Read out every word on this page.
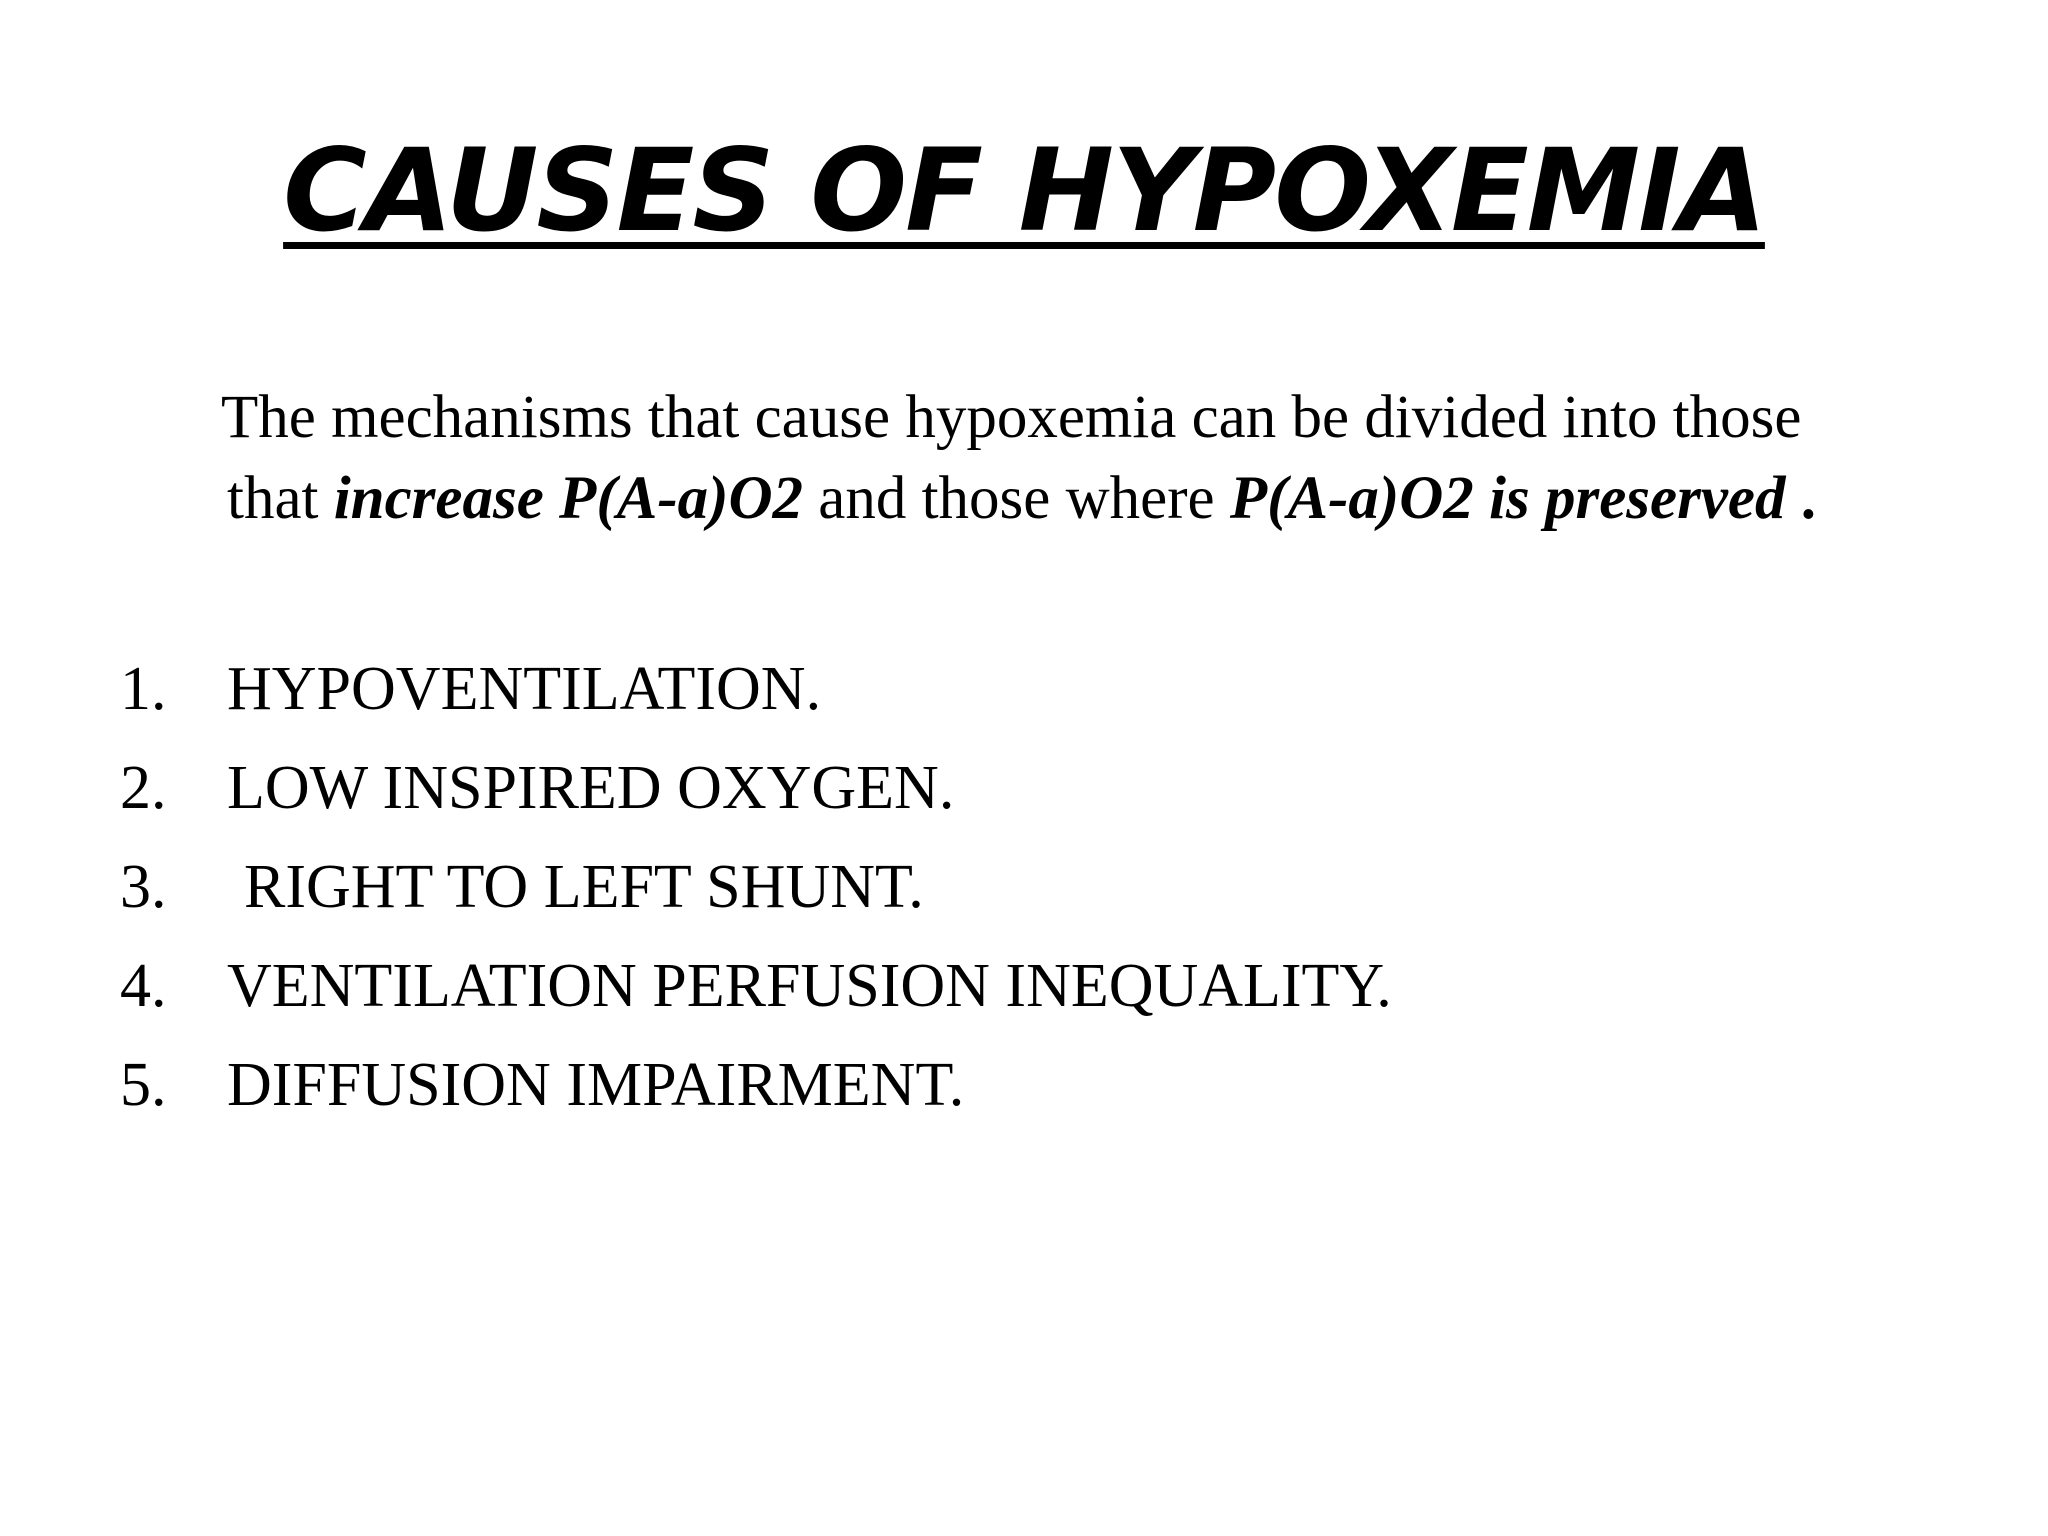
CAUSES OF HYPOXEMIA

The mechanisms that cause hypoxemia can be divided into those that increase P(A-a)O2 and those where P(A-a)O2 is preserved .

1. HYPOVENTILATION.
2. LOW INSPIRED OXYGEN.
3.	RIGHT TO LEFT SHUNT.
4. VENTILATION PERFUSION INEQUALITY.
5. DIFFUSION IMPAIRMENT.
